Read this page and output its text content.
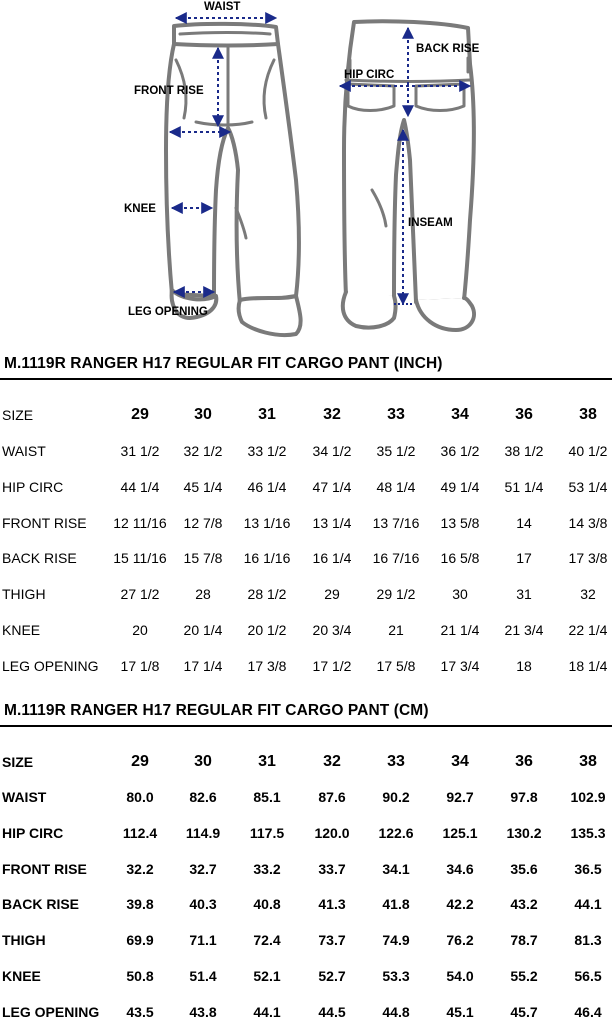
WAIST
FRONT RISE
KNEE
LEG OPENING
BACK RISE
HIP CIRC
INSEAM
M.1119R RANGER H17 REGULAR FIT CARGO PANT (INCH)
SIZE	29	30	31	32	33	34	36	38
WAIST	31 1/2	32 1/2	33 1/2	34 1/2	35 1/2	36 1/2	38 1/2	40 1/2
HIP CIRC	44 1/4	45 1/4	46 1/4	47 1/4	48 1/4	49 1/4	51 1/4	53 1/4
FRONT RISE	12 11/16	12 7/8	13 1/16	13 1/4	13 7/16	13 5/8	14	14 3/8
BACK RISE	15 11/16	15 7/8	16 1/16	16 1/4	16 7/16	16 5/8	17	17 3/8
THIGH	27 1/2	28	28 1/2	29	29 1/2	30	31	32
KNEE	20	20 1/4	20 1/2	20 3/4	21	21 1/4	21 3/4	22 1/4
LEG OPENING	17 1/8	17 1/4	17 3/8	17 1/2	17 5/8	17 3/4	18	18 1/4
M.1119R RANGER H17 REGULAR FIT CARGO PANT (CM)
SIZE	29	30	31	32	33	34	36	38
WAIST	80.0	82.6	85.1	87.6	90.2	92.7	97.8	102.9
HIP CIRC	112.4	114.9	117.5	120.0	122.6	125.1	130.2	135.3
FRONT RISE	32.2	32.7	33.2	33.7	34.1	34.6	35.6	36.5
BACK RISE	39.8	40.3	40.8	41.3	41.8	42.2	43.2	44.1
THIGH	69.9	71.1	72.4	73.7	74.9	76.2	78.7	81.3
KNEE	50.8	51.4	52.1	52.7	53.3	54.0	55.2	56.5
LEG OPENING	43.5	43.8	44.1	44.5	44.8	45.1	45.7	46.4
